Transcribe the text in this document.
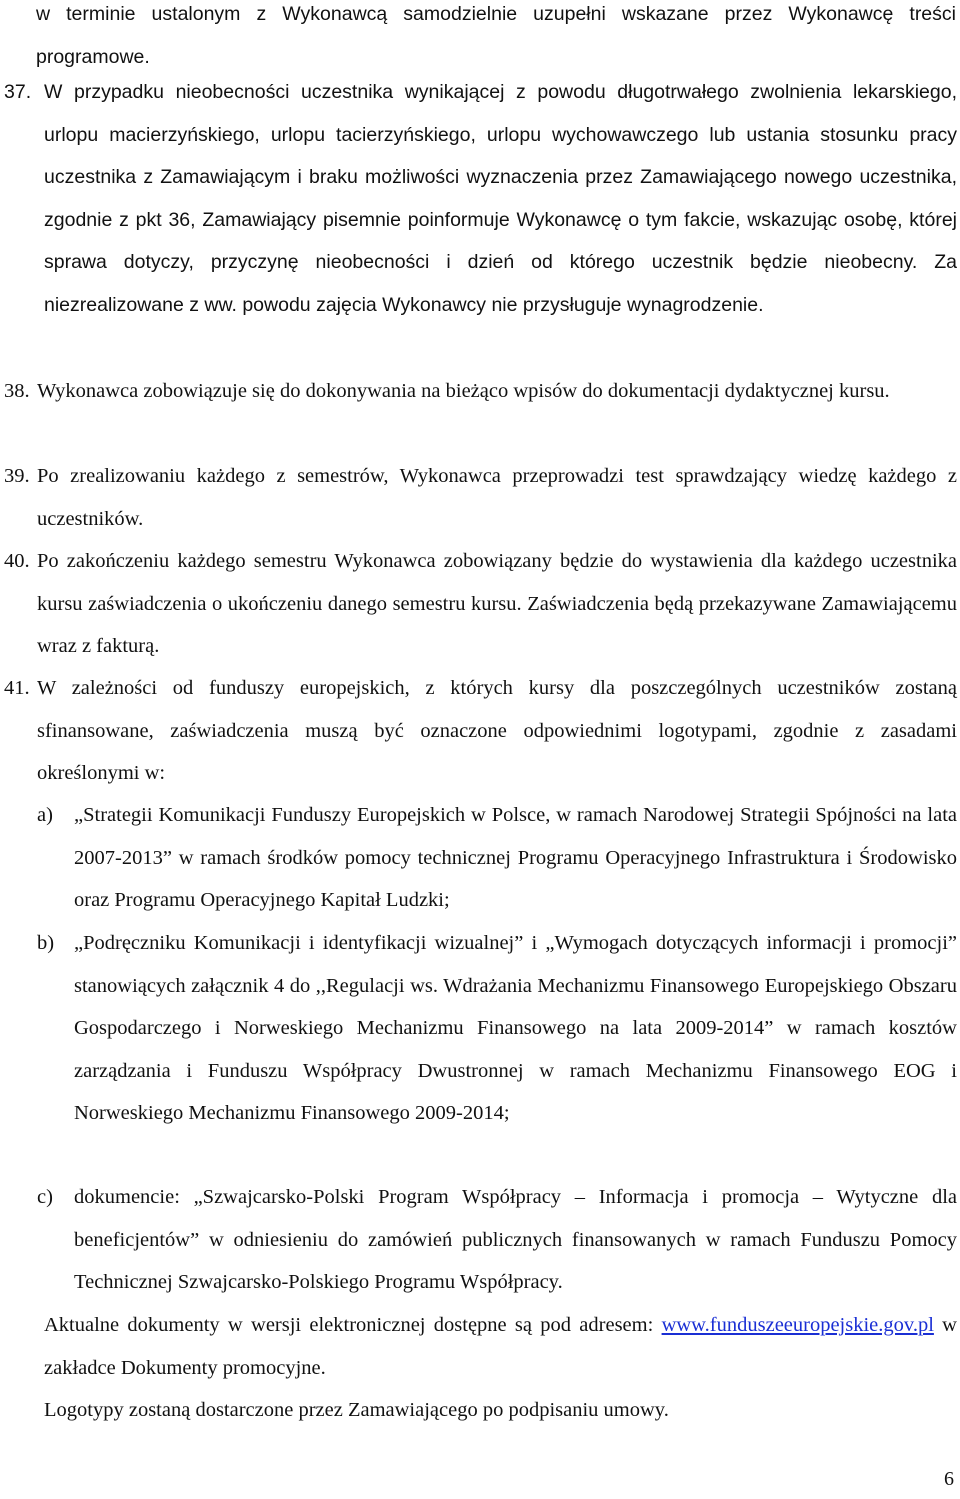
w terminie ustalonym z Wykonawcą samodzielnie uzupełni wskazane przez Wykonawcę treści programowe.

37. W przypadku nieobecności uczestnika wynikającej z powodu długotrwałego zwolnienia lekarskiego, urlopu macierzyńskiego, urlopu tacierzyńskiego, urlopu wychowawczego lub ustania stosunku pracy uczestnika z Zamawiającym i braku możliwości wyznaczenia przez Zamawiającego nowego uczestnika, zgodnie z pkt 36, Zamawiający pisemnie poinformuje Wykonawcę o tym fakcie, wskazując osobę, której sprawa dotyczy, przyczynę nieobecności i dzień od którego uczestnik będzie nieobecny. Za niezrealizowane z ww. powodu zajęcia Wykonawcy nie przysługuje wynagrodzenie.

38. Wykonawca zobowiązuje się do dokonywania na bieżąco wpisów do dokumentacji dydaktycznej kursu.

39. Po zrealizowaniu każdego z semestrów, Wykonawca przeprowadzi test sprawdzający wiedzę każdego z uczestników.

40. Po zakończeniu każdego semestru Wykonawca zobowiązany będzie do wystawienia dla każdego uczestnika kursu zaświadczenia o ukończeniu danego semestru kursu. Zaświadczenia będą przekazywane Zamawiającemu wraz z fakturą.

41. W zależności od funduszy europejskich, z których kursy dla poszczególnych uczestników zostaną sfinansowane, zaświadczenia muszą być oznaczone odpowiednimi logotypami, zgodnie z zasadami określonymi w:

a) „Strategii Komunikacji Funduszy Europejskich w Polsce, w ramach Narodowej Strategii Spójności na lata 2007-2013” w ramach środków pomocy technicznej Programu Operacyjnego Infrastruktura i Środowisko oraz Programu Operacyjnego Kapitał Ludzki;

b) „Podręczniku Komunikacji i identyfikacji wizualnej” i „Wymogach dotyczących informacji i promocji” stanowiących załącznik 4 do ,,Regulacji ws. Wdrażania Mechanizmu Finansowego Europejskiego Obszaru Gospodarczego i Norweskiego Mechanizmu Finansowego na lata 2009-2014” w ramach kosztów zarządzania i Funduszu Współpracy Dwustronnej w ramach Mechanizmu Finansowego EOG i Norweskiego Mechanizmu Finansowego 2009-2014;

c) dokumencie: „Szwajcarsko-Polski Program Współpracy – Informacja i promocja – Wytyczne dla beneficjentów” w odniesieniu do zamówień publicznych finansowanych w ramach Funduszu Pomocy Technicznej Szwajcarsko-Polskiego Programu Współpracy.

Aktualne dokumenty w wersji elektronicznej dostępne są pod adresem: www.funduszeeuropejskie.gov.pl w zakładce Dokumenty promocyjne.

Logotypy zostaną dostarczone przez Zamawiającego po podpisaniu umowy.

6
